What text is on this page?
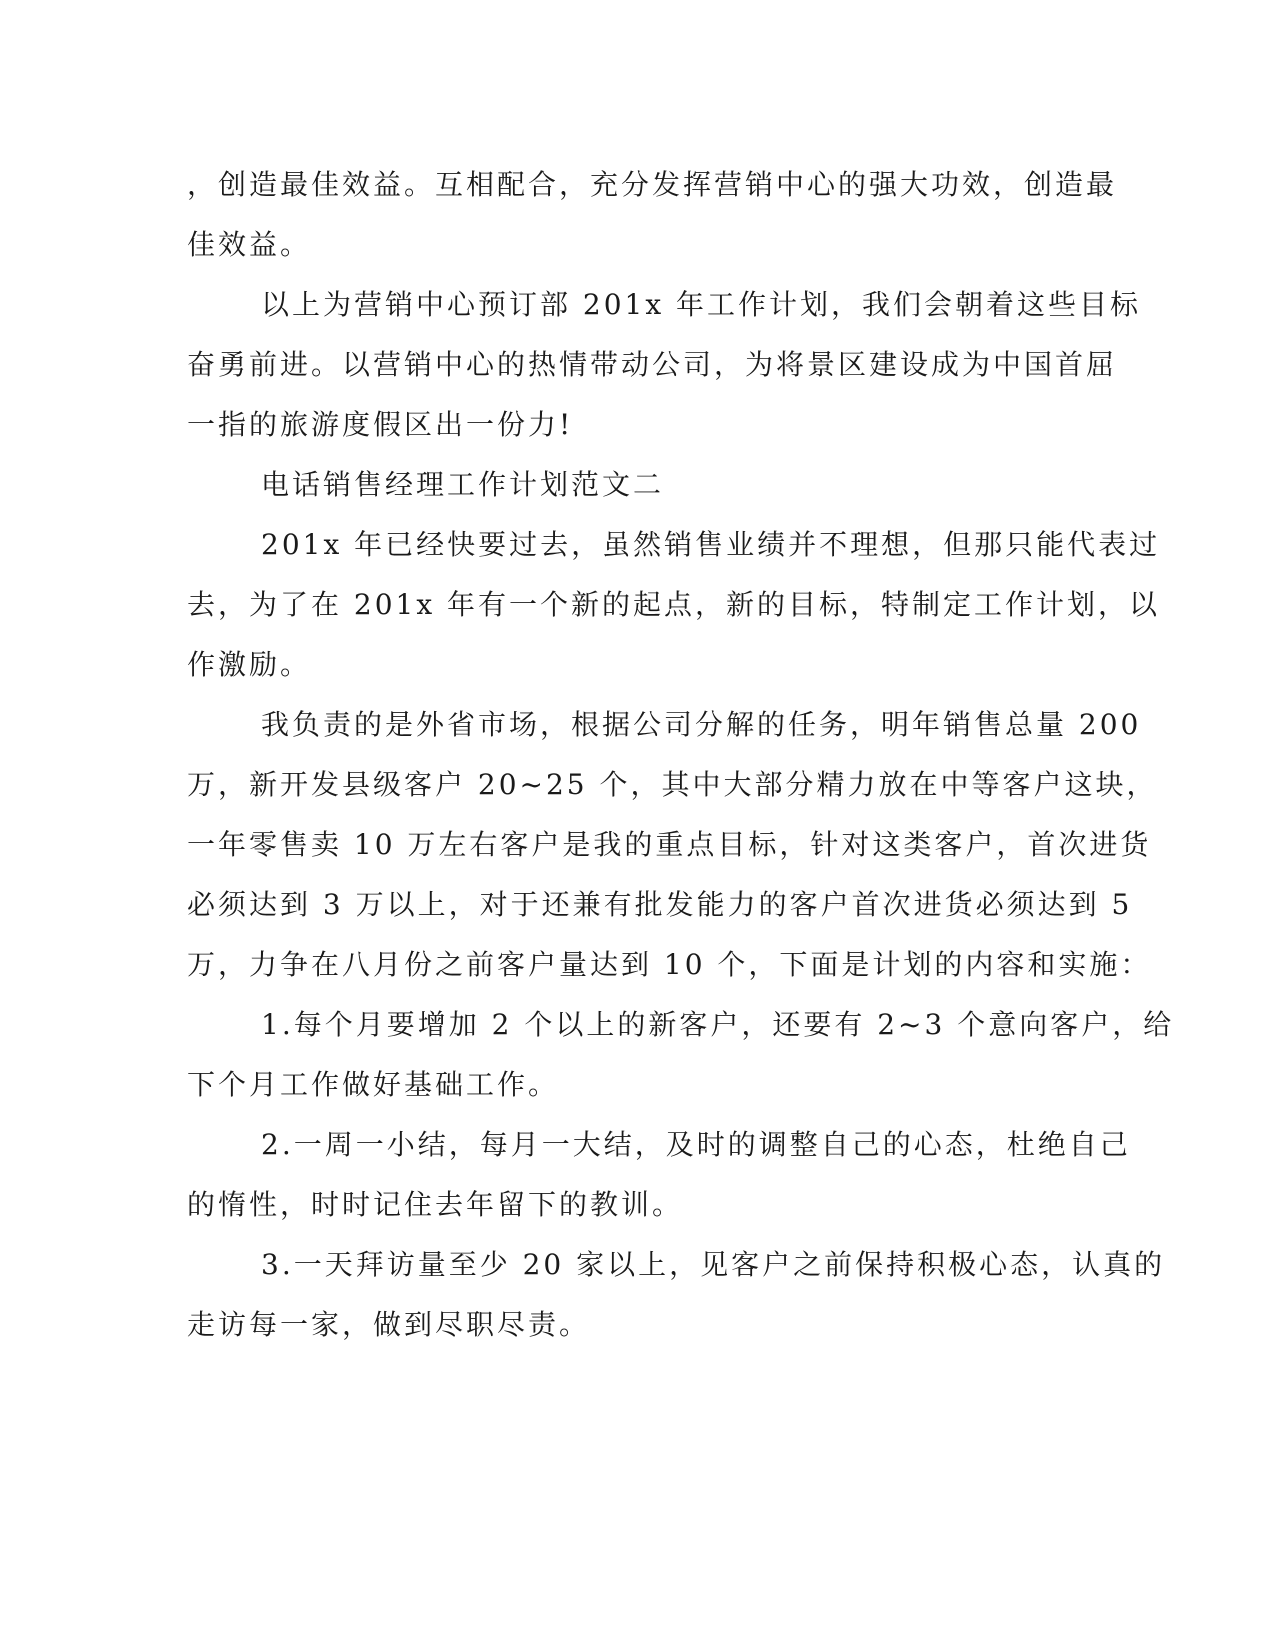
，创造最佳效益。互相配合，充分发挥营销中心的强大功效，创造最
佳效益。
以上为营销中心预订部 201x 年工作计划，我们会朝着这些目标
奋勇前进。以营销中心的热情带动公司，为将景区建设成为中国首屈
一指的旅游度假区出一份力!
电话销售经理工作计划范文二
201x 年已经快要过去，虽然销售业绩并不理想，但那只能代表过
去，为了在 201x 年有一个新的起点，新的目标，特制定工作计划，以
作激励。
我负责的是外省市场，根据公司分解的任务，明年销售总量 200
万，新开发县级客户 20~25 个，其中大部分精力放在中等客户这块，
一年零售卖 10 万左右客户是我的重点目标，针对这类客户，首次进货
必须达到 3 万以上，对于还兼有批发能力的客户首次进货必须达到 5
万，力争在八月份之前客户量达到 10 个，下面是计划的内容和实施：
1.每个月要增加 2 个以上的新客户，还要有 2~3 个意向客户，给
下个月工作做好基础工作。
2.一周一小结，每月一大结，及时的调整自己的心态，杜绝自己
的惰性，时时记住去年留下的教训。
3.一天拜访量至少 20 家以上，见客户之前保持积极心态，认真的
走访每一家，做到尽职尽责。
